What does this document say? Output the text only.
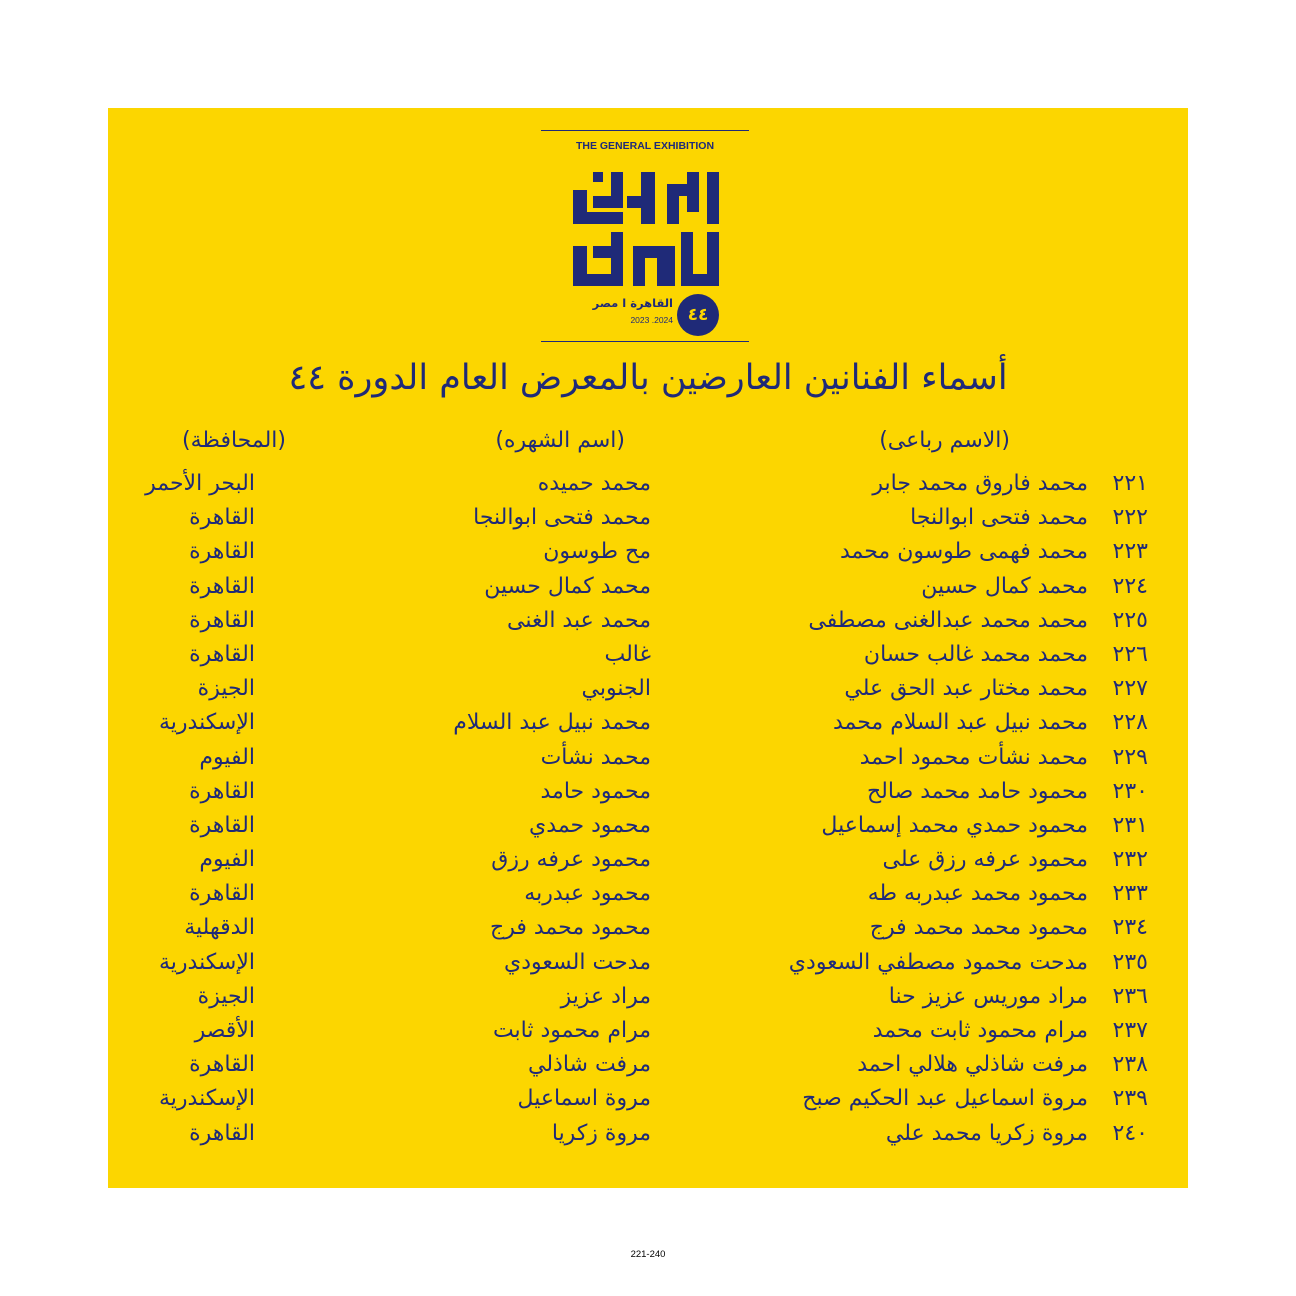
THE GENERAL EXHIBITION
٤٤
القاهرة ا مصر
2023 .2024
أسماء الفنانين العارضين بالمعرض العام الدورة ٤٤
(الاسم رباعى)
(اسم الشهره)
(المحافظة)
٢٢١
محمد فاروق محمد جابر
محمد حميده
البحر الأحمر
٢٢٢
محمد فتحى ابوالنجا
محمد فتحى ابوالنجا
القاهرة
٢٢٣
محمد فهمى طوسون محمد
مح طوسون
القاهرة
٢٢٤
محمد كمال حسين
محمد كمال حسين
القاهرة
٢٢٥
محمد محمد عبدالغنى مصطفى
محمد عبد الغنى
القاهرة
٢٢٦
محمد محمد غالب حسان
غالب
القاهرة
٢٢٧
محمد مختار عبد الحق علي
الجنوبي
الجيزة
٢٢٨
محمد نبيل عبد السلام محمد
محمد نبيل عبد السلام
الإسكندرية
٢٢٩
محمد نشأت محمود احمد
محمد نشأت
الفيوم
٢٣٠
محمود حامد محمد صالح
محمود حامد
القاهرة
٢٣١
محمود حمدي محمد إسماعيل
محمود حمدي
القاهرة
٢٣٢
محمود عرفه رزق على
محمود عرفه رزق
الفيوم
٢٣٣
محمود محمد عبدربه طه
محمود عبدربه
القاهرة
٢٣٤
محمود محمد محمد فرج
محمود محمد فرج
الدقهلية
٢٣٥
مدحت محمود مصطفي السعودي
مدحت السعودي
الإسكندرية
٢٣٦
مراد موريس عزيز حنا
مراد عزيز
الجيزة
٢٣٧
مرام محمود ثابت محمد
مرام محمود ثابت
الأقصر
٢٣٨
مرفت شاذلي هلالي احمد
مرفت شاذلي
القاهرة
٢٣٩
مروة اسماعيل عبد الحكيم صبح
مروة اسماعيل
الإسكندرية
٢٤٠
مروة زكريا محمد علي
مروة زكريا
القاهرة
221-240
